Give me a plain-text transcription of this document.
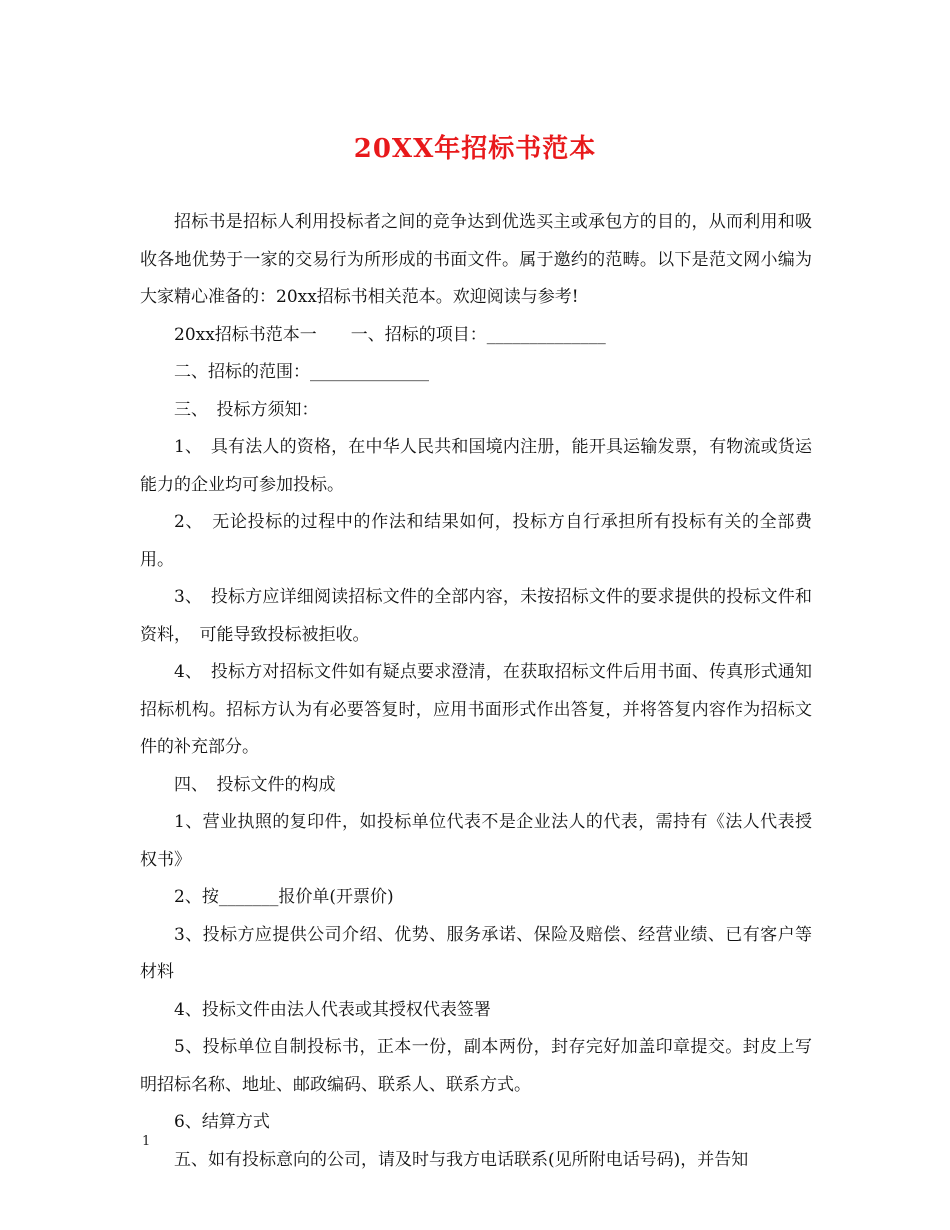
20XX年招标书范本

招标书是招标人利用投标者之间的竞争达到优选买主或承包方的目的，从而利用和吸收各地优势于一家的交易行为所形成的书面文件。属于邀约的范畴。以下是范文网小编为大家精心准备的：20xx招标书相关范本。欢迎阅读与参考!

20xx招标书范本一　　一、招标的项目：______________

二、招标的范围：______________

三、　投标方须知：

1、　具有法人的资格，在中华人民共和国境内注册，能开具运输发票，有物流或货运能力的企业均可参加投标。

2、　无论投标的过程中的作法和结果如何，投标方自行承担所有投标有关的全部费用。

3、　投标方应详细阅读招标文件的全部内容，未按招标文件的要求提供的投标文件和　资料，　可能导致投标被拒收。

4、　投标方对招标文件如有疑点要求澄清，在获取招标文件后用书面、传真形式通知招标机构。招标方认为有必要答复时，应用书面形式作出答复，并将答复内容作为招标文件的补充部分。

四、　投标文件的构成

1、营业执照的复印件，如投标单位代表不是企业法人的代表，需持有《法人代表授权书》

2、按_______报价单(开票价)

3、投标方应提供公司介绍、优势、服务承诺、保险及赔偿、经营业绩、已有客户等材料

4、投标文件由法人代表或其授权代表签署

5、投标单位自制投标书，正本一份，副本两份，封存完好加盖印章提交。封皮上写明招标名称、地址、邮政编码、联系人、联系方式。

6、结算方式

五、如有投标意向的公司，请及时与我方电话联系(见所附电话号码)，并告知

1
